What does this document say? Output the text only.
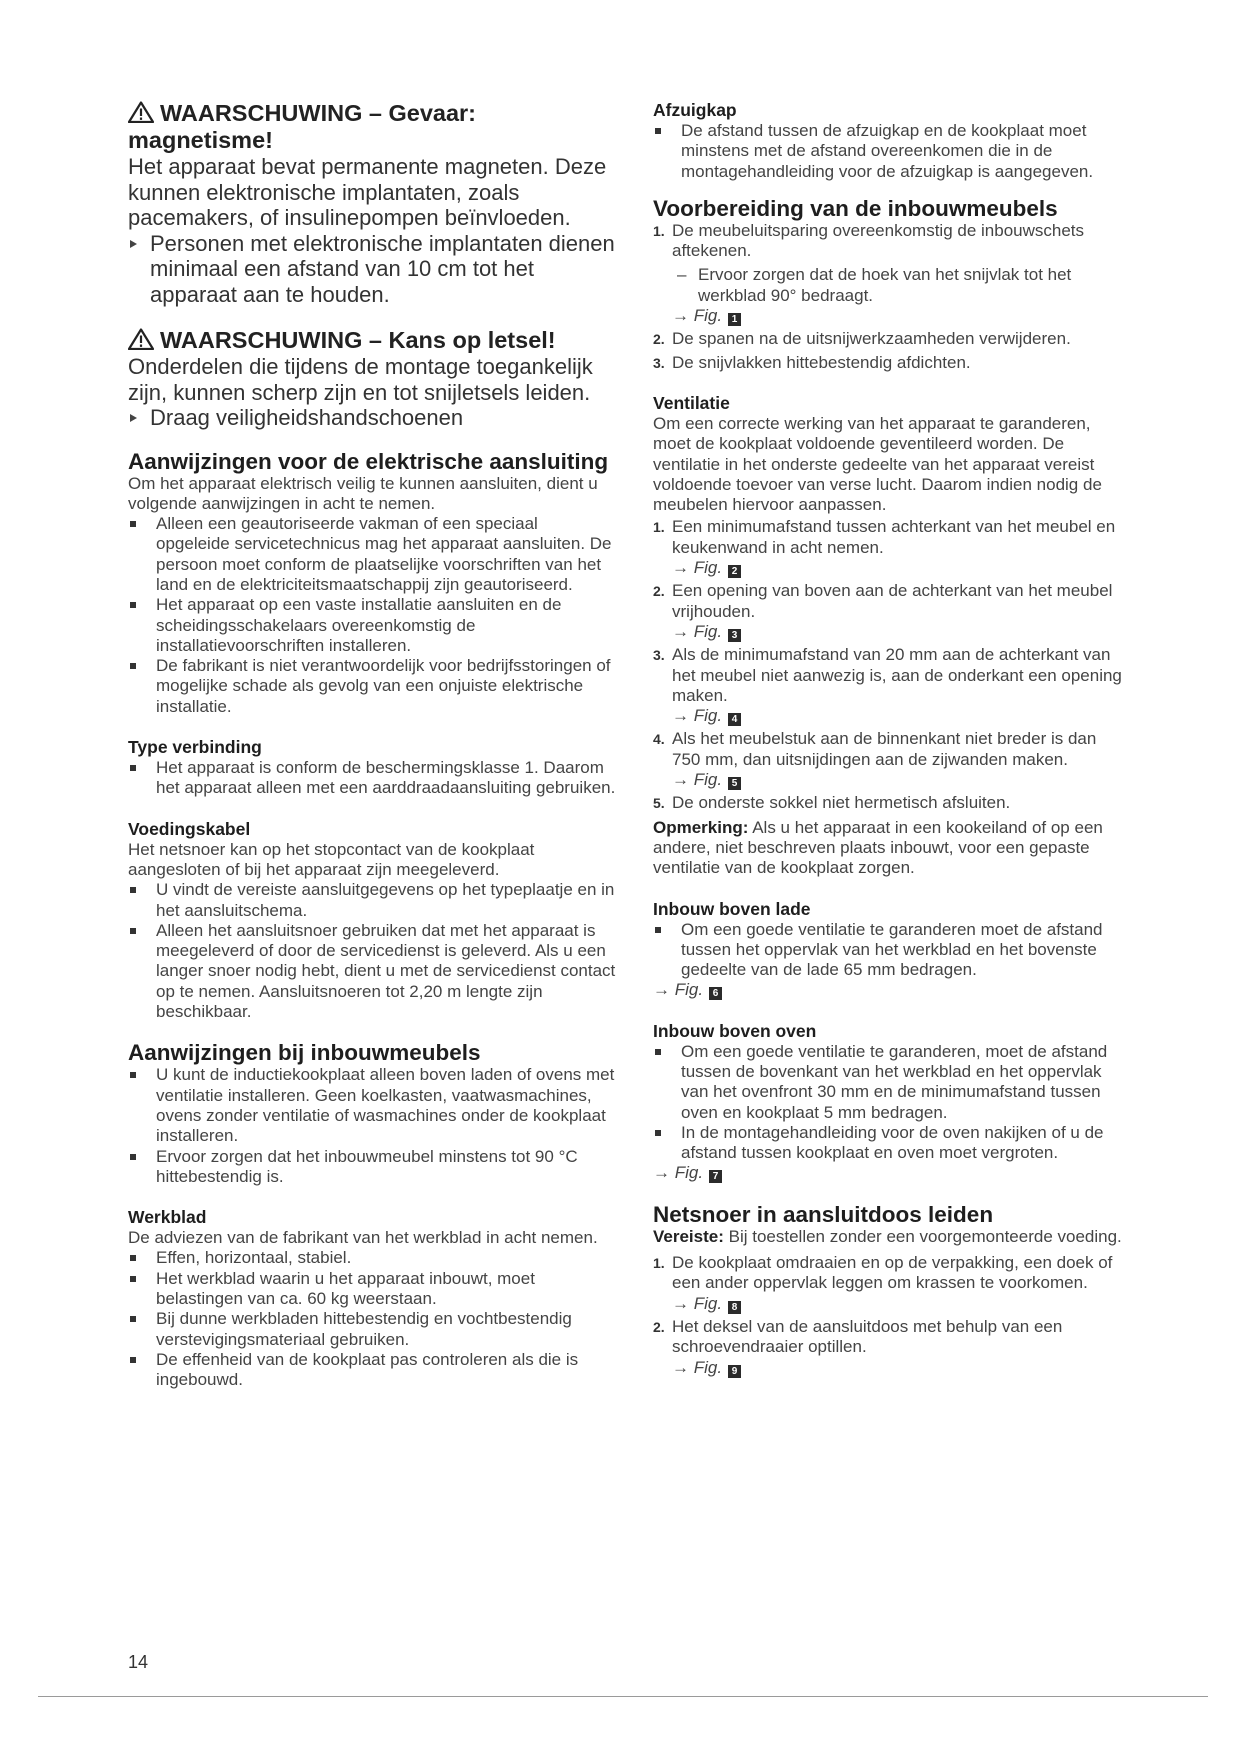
WAARSCHUWING – Gevaar: magnetisme!
Het apparaat bevat permanente magneten. Deze kunnen elektronische implantaten, zoals pacemakers, of insulinepompen beïnvloeden.
Personen met elektronische implantaten dienen minimaal een afstand van 10 cm tot het apparaat aan te houden.
WAARSCHUWING – Kans op letsel!
Onderdelen die tijdens de montage toegankelijk zijn, kunnen scherp zijn en tot snijletsels leiden.
Draag veiligheidshandschoenen
Aanwijzingen voor de elektrische aansluiting

Om het apparaat elektrisch veilig te kunnen aansluiten, dient u volgende aanwijzingen in acht te nemen.

Alleen een geautoriseerde vakman of een speciaal opgeleide servicetechnicus mag het apparaat aansluiten. De persoon moet conform de plaatselijke voorschriften van het land en de elektriciteitsmaatschappij zijn geautoriseerd.
Het apparaat op een vaste installatie aansluiten en de scheidingsschakelaars overeenkomstig de installatievoorschriften installeren.
De fabrikant is niet verantwoordelijk voor bedrijfsstoringen of mogelijke schade als gevolg van een onjuiste elektrische installatie.
Type verbinding
Het apparaat is conform de beschermingsklasse 1. Daarom het apparaat alleen met een aarddraadaansluiting gebruiken.
Voedingskabel

Het netsnoer kan op het stopcontact van de kookplaat aangesloten of bij het apparaat zijn meegeleverd.

U vindt de vereiste aansluitgegevens op het typeplaatje en in het aansluitschema.
Alleen het aansluitsnoer gebruiken dat met het apparaat is meegeleverd of door de servicedienst is geleverd. Als u een langer snoer nodig hebt, dient u met de servicedienst contact op te nemen. Aansluitsnoeren tot 2,20 m lengte zijn beschikbaar.
Aanwijzingen bij inbouwmeubels
U kunt de inductiekookplaat alleen boven laden of ovens met ventilatie installeren. Geen koelkasten, vaatwasmachines, ovens zonder ventilatie of wasmachines onder de kookplaat installeren.
Ervoor zorgen dat het inbouwmeubel minstens tot 90 °C hittebestendig is.
Werkblad

De adviezen van de fabrikant van het werkblad in acht nemen.

Effen, horizontaal, stabiel.
Het werkblad waarin u het apparaat inbouwt, moet belastingen van ca. 60 kg weerstaan.
Bij dunne werkbladen hittebestendig en vochtbestendig verstevigingsmateriaal gebruiken.
De effenheid van de kookplaat pas controleren als die is ingebouwd.
Afzuigkap
De afstand tussen de afzuigkap en de kookplaat moet minstens met de afstand overeenkomen die in de montagehandleiding voor de afzuigkap is aangegeven.
Voorbereiding van de inbouwmeubels
1. De meubeluitsparing overeenkomstig de inbouwschets aftekenen.
– Ervoor zorgen dat de hoek van het snijvlak tot het werkblad 90° bedraagt.
→ Fig. 1
2. De spanen na de uitsnijwerkzaamheden verwijderen.
3. De snijvlakken hittebestendig afdichten.
Ventilatie

Om een correcte werking van het apparaat te garanderen, moet de kookplaat voldoende geventileerd worden. De ventilatie in het onderste gedeelte van het apparaat vereist voldoende toevoer van verse lucht. Daarom indien nodig de meubelen hiervoor aanpassen.

1. Een minimumafstand tussen achterkant van het meubel en keukenwand in acht nemen.
→ Fig. 2
2. Een opening van boven aan de achterkant van het meubel vrijhouden.
→ Fig. 3
3. Als de minimumafstand van 20 mm aan de achterkant van het meubel niet aanwezig is, aan de onderkant een opening maken.
→ Fig. 4
4. Als het meubelstuk aan de binnenkant niet breder is dan 750 mm, dan uitsnijdingen aan de zijwanden maken.
→ Fig. 5
5. De onderste sokkel niet hermetisch afsluiten.

Opmerking: Als u het apparaat in een kookeiland of op een andere, niet beschreven plaats inbouwt, voor een gepaste ventilatie van de kookplaat zorgen.

Inbouw boven lade
Om een goede ventilatie te garanderen moet de afstand tussen het oppervlak van het werkblad en het bovenste gedeelte van de lade 65 mm bedragen.
→ Fig. 6
Inbouw boven oven
Om een goede ventilatie te garanderen, moet de afstand tussen de bovenkant van het werkblad en het oppervlak van het ovenfront 30 mm en de minimumafstand tussen oven en kookplaat 5 mm bedragen.
In de montagehandleiding voor de oven nakijken of u de afstand tussen kookplaat en oven moet vergroten.
→ Fig. 7
Netsnoer in aansluitdoos leiden

Vereiste: Bij toestellen zonder een voorgemonteerde voeding.

1. De kookplaat omdraaien en op de verpakking, een doek of een ander oppervlak leggen om krassen te voorkomen.
→ Fig. 8
2. Het deksel van de aansluitdoos met behulp van een schroevendraaier optillen.
→ Fig. 9
14
